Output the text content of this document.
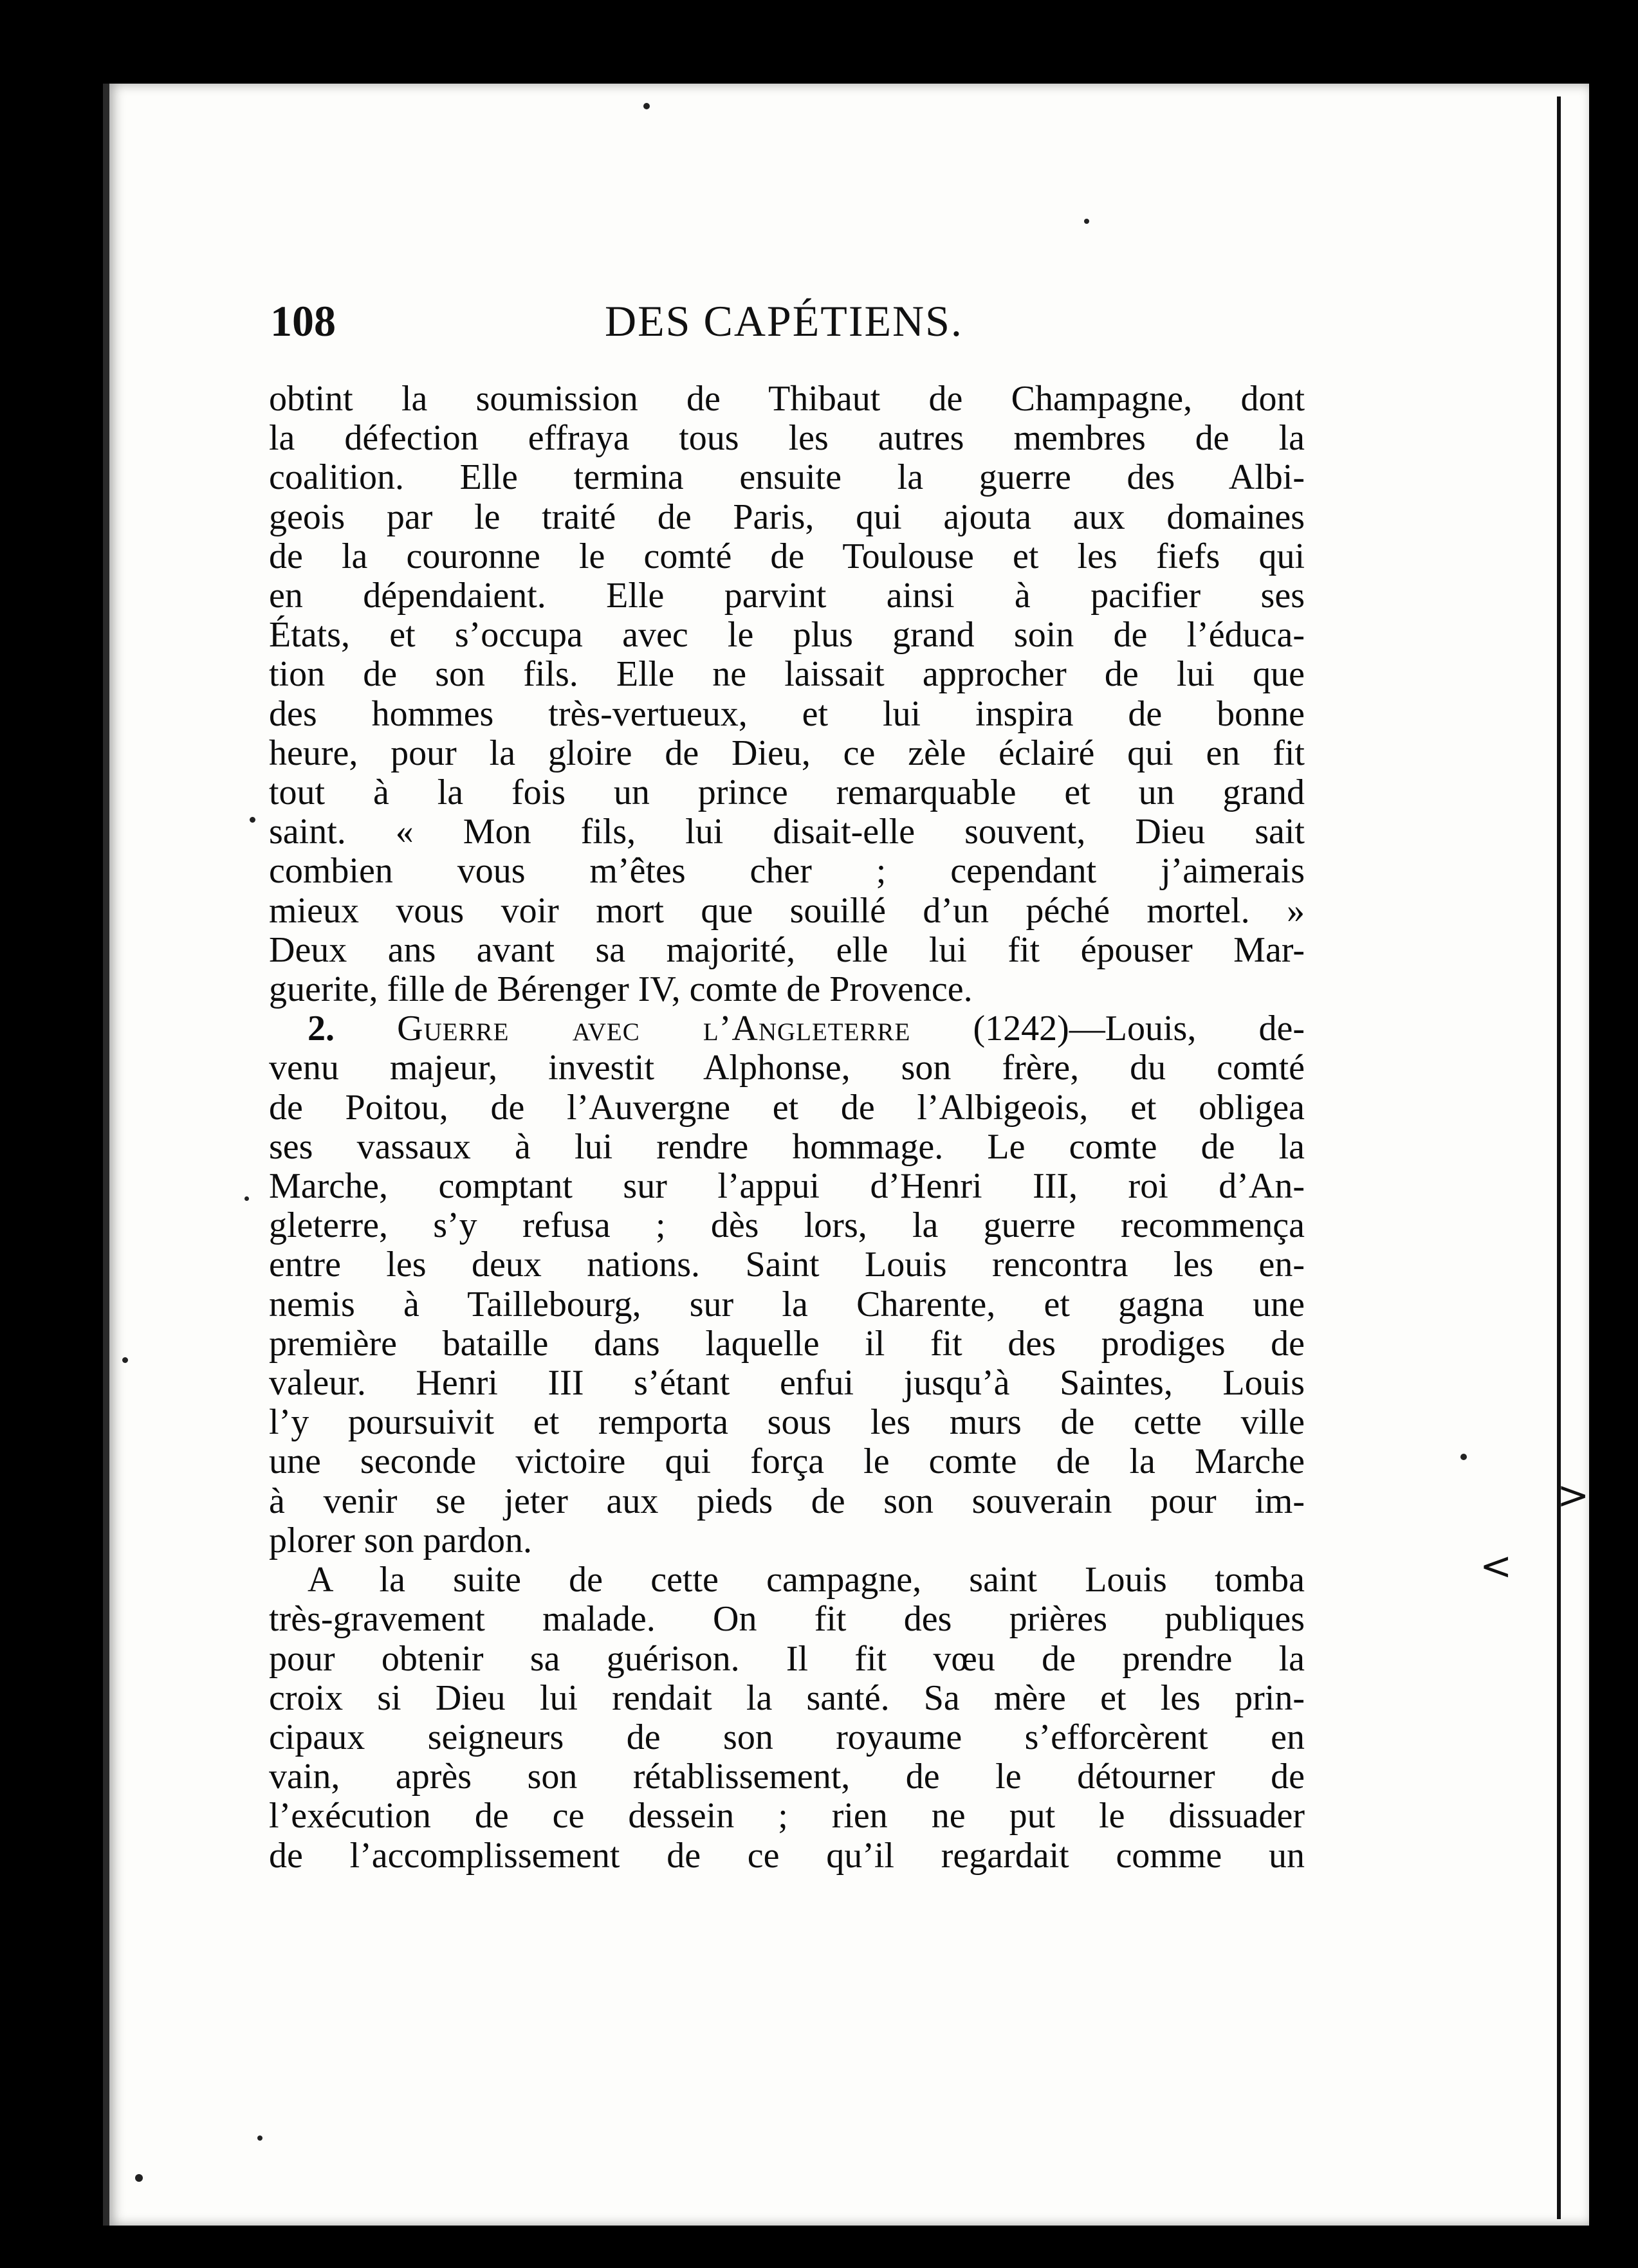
>
<
108	DES CAPÉTIENS.

obtint la soumission de Thibaut de Champagne, dont

la défection effraya tous les autres membres de la

coalition. Elle termina ensuite la guerre des Albi-

geois par le traité de Paris, qui ajouta aux domaines

de la couronne le comté de Toulouse et les fiefs qui

en dépendaient. Elle parvint ainsi à pacifier ses

États, et s’occupa avec le plus grand soin de l’éduca-

tion de son fils. Elle ne laissait approcher de lui que

des hommes très-vertueux, et lui inspira de bonne

heure, pour la gloire de Dieu, ce zèle éclairé qui en fit

tout à la fois un prince remarquable et un grand

saint. « Mon fils, lui disait-elle souvent, Dieu sait

combien vous m’êtes cher ; cependant j’aimerais

mieux vous voir mort que souillé d’un péché mortel. »

Deux ans avant sa majorité, elle lui fit épouser Mar-

guerite, fille de Bérenger IV, comte de Provence.

2. Guerre avec l’Angleterre (1242)—Louis, de-

venu majeur, investit Alphonse, son frère, du comté

de Poitou, de l’Auvergne et de l’Albigeois, et obligea

ses vassaux à lui rendre hommage. Le comte de la

Marche, comptant sur l’appui d’Henri III, roi d’An-

gleterre, s’y refusa ; dès lors, la guerre recommença

entre les deux nations. Saint Louis rencontra les en-

nemis à Taillebourg, sur la Charente, et gagna une

première bataille dans laquelle il fit des prodiges de

valeur. Henri III s’étant enfui jusqu’à Saintes, Louis

l’y poursuivit et remporta sous les murs de cette ville

une seconde victoire qui força le comte de la Marche

à venir se jeter aux pieds de son souverain pour im-

plorer son pardon.

A la suite de cette campagne, saint Louis tomba

très-gravement malade. On fit des prières publiques

pour obtenir sa guérison. Il fit vœu de prendre la

croix si Dieu lui rendait la santé. Sa mère et les prin-

cipaux seigneurs de son royaume s’efforcèrent en

vain, après son rétablissement, de le détourner de

l’exécution de ce dessein ; rien ne put le dissuader

de l’accomplissement de ce qu’il regardait comme un
